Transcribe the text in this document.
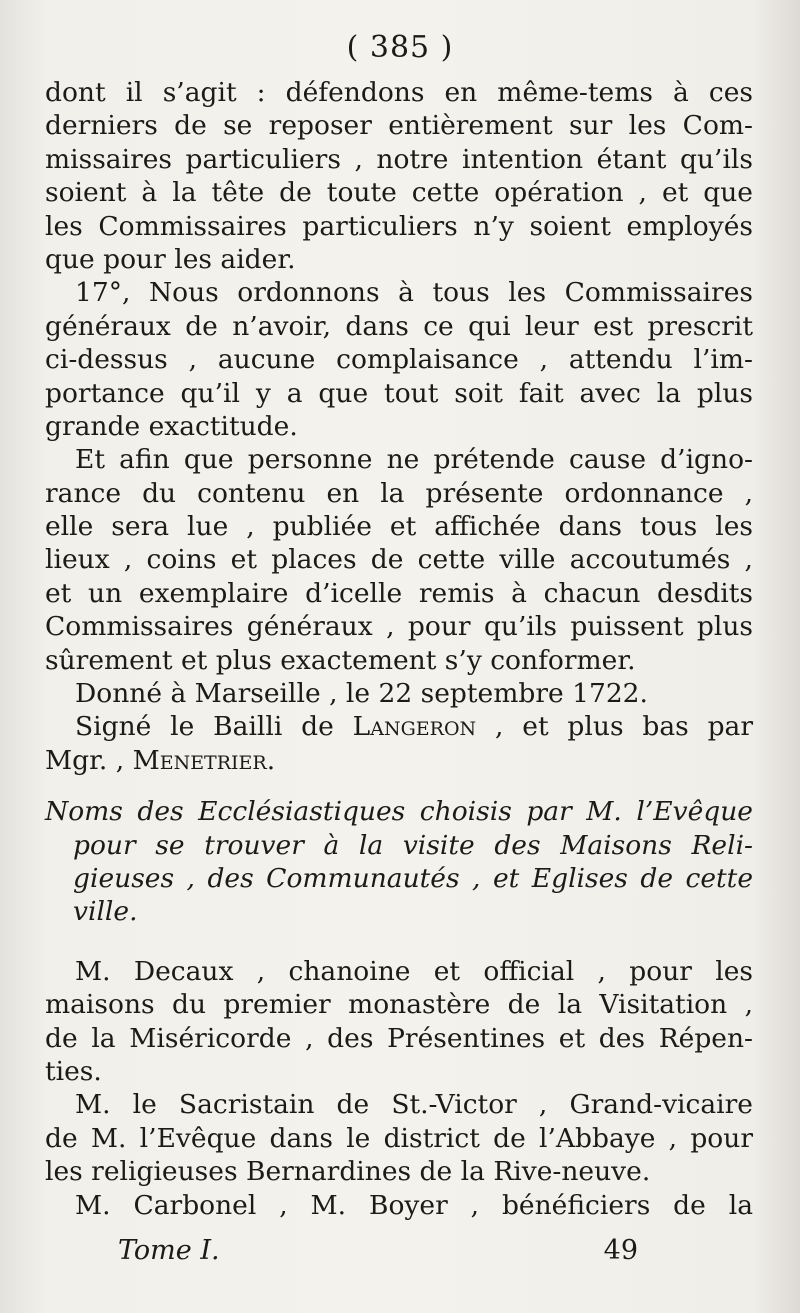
( 385 )
dont il s’agit : défendons en même-tems à ces
derniers de se reposer entièrement sur les Com-
missaires particuliers , notre intention étant qu’ils
soient à la tête de toute cette opération , et que
les Commissaires particuliers n’y soient employés
que pour les aider.
17°, Nous ordonnons à tous les Commissaires
généraux de n’avoir, dans ce qui leur est prescrit
ci-dessus , aucune complaisance , attendu l’im-
portance qu’il y a que tout soit fait avec la plus
grande exactitude.
Et afin que personne ne prétende cause d’igno-
rance du contenu en la présente ordonnance ,
elle sera lue , publiée et affichée dans tous les
lieux , coins et places de cette ville accoutumés ,
et un exemplaire d’icelle remis à chacun desdits
Commissaires généraux , pour qu’ils puissent plus
sûrement et plus exactement s’y conformer.
Donné à Marseille , le 22 septembre 1722.
Signé le Bailli de Langeron , et plus bas par
Mgr. , Menetrier.
Noms des Ecclésiastiques choisis par M. l’Evêque
pour se trouver à la visite des Maisons Reli-
gieuses , des Communautés , et Eglises de cette
ville.
M. Decaux , chanoine et official , pour les
maisons du premier monastère de la Visitation ,
de la Miséricorde , des Présentines et des Répen-
ties.
M. le Sacristain de St.-Victor , Grand-vicaire
de M. l’Evêque dans le district de l’Abbaye , pour
les religieuses Bernardines de la Rive-neuve.
M. Carbonel , M. Boyer , bénéficiers de la
Tome I.	49
